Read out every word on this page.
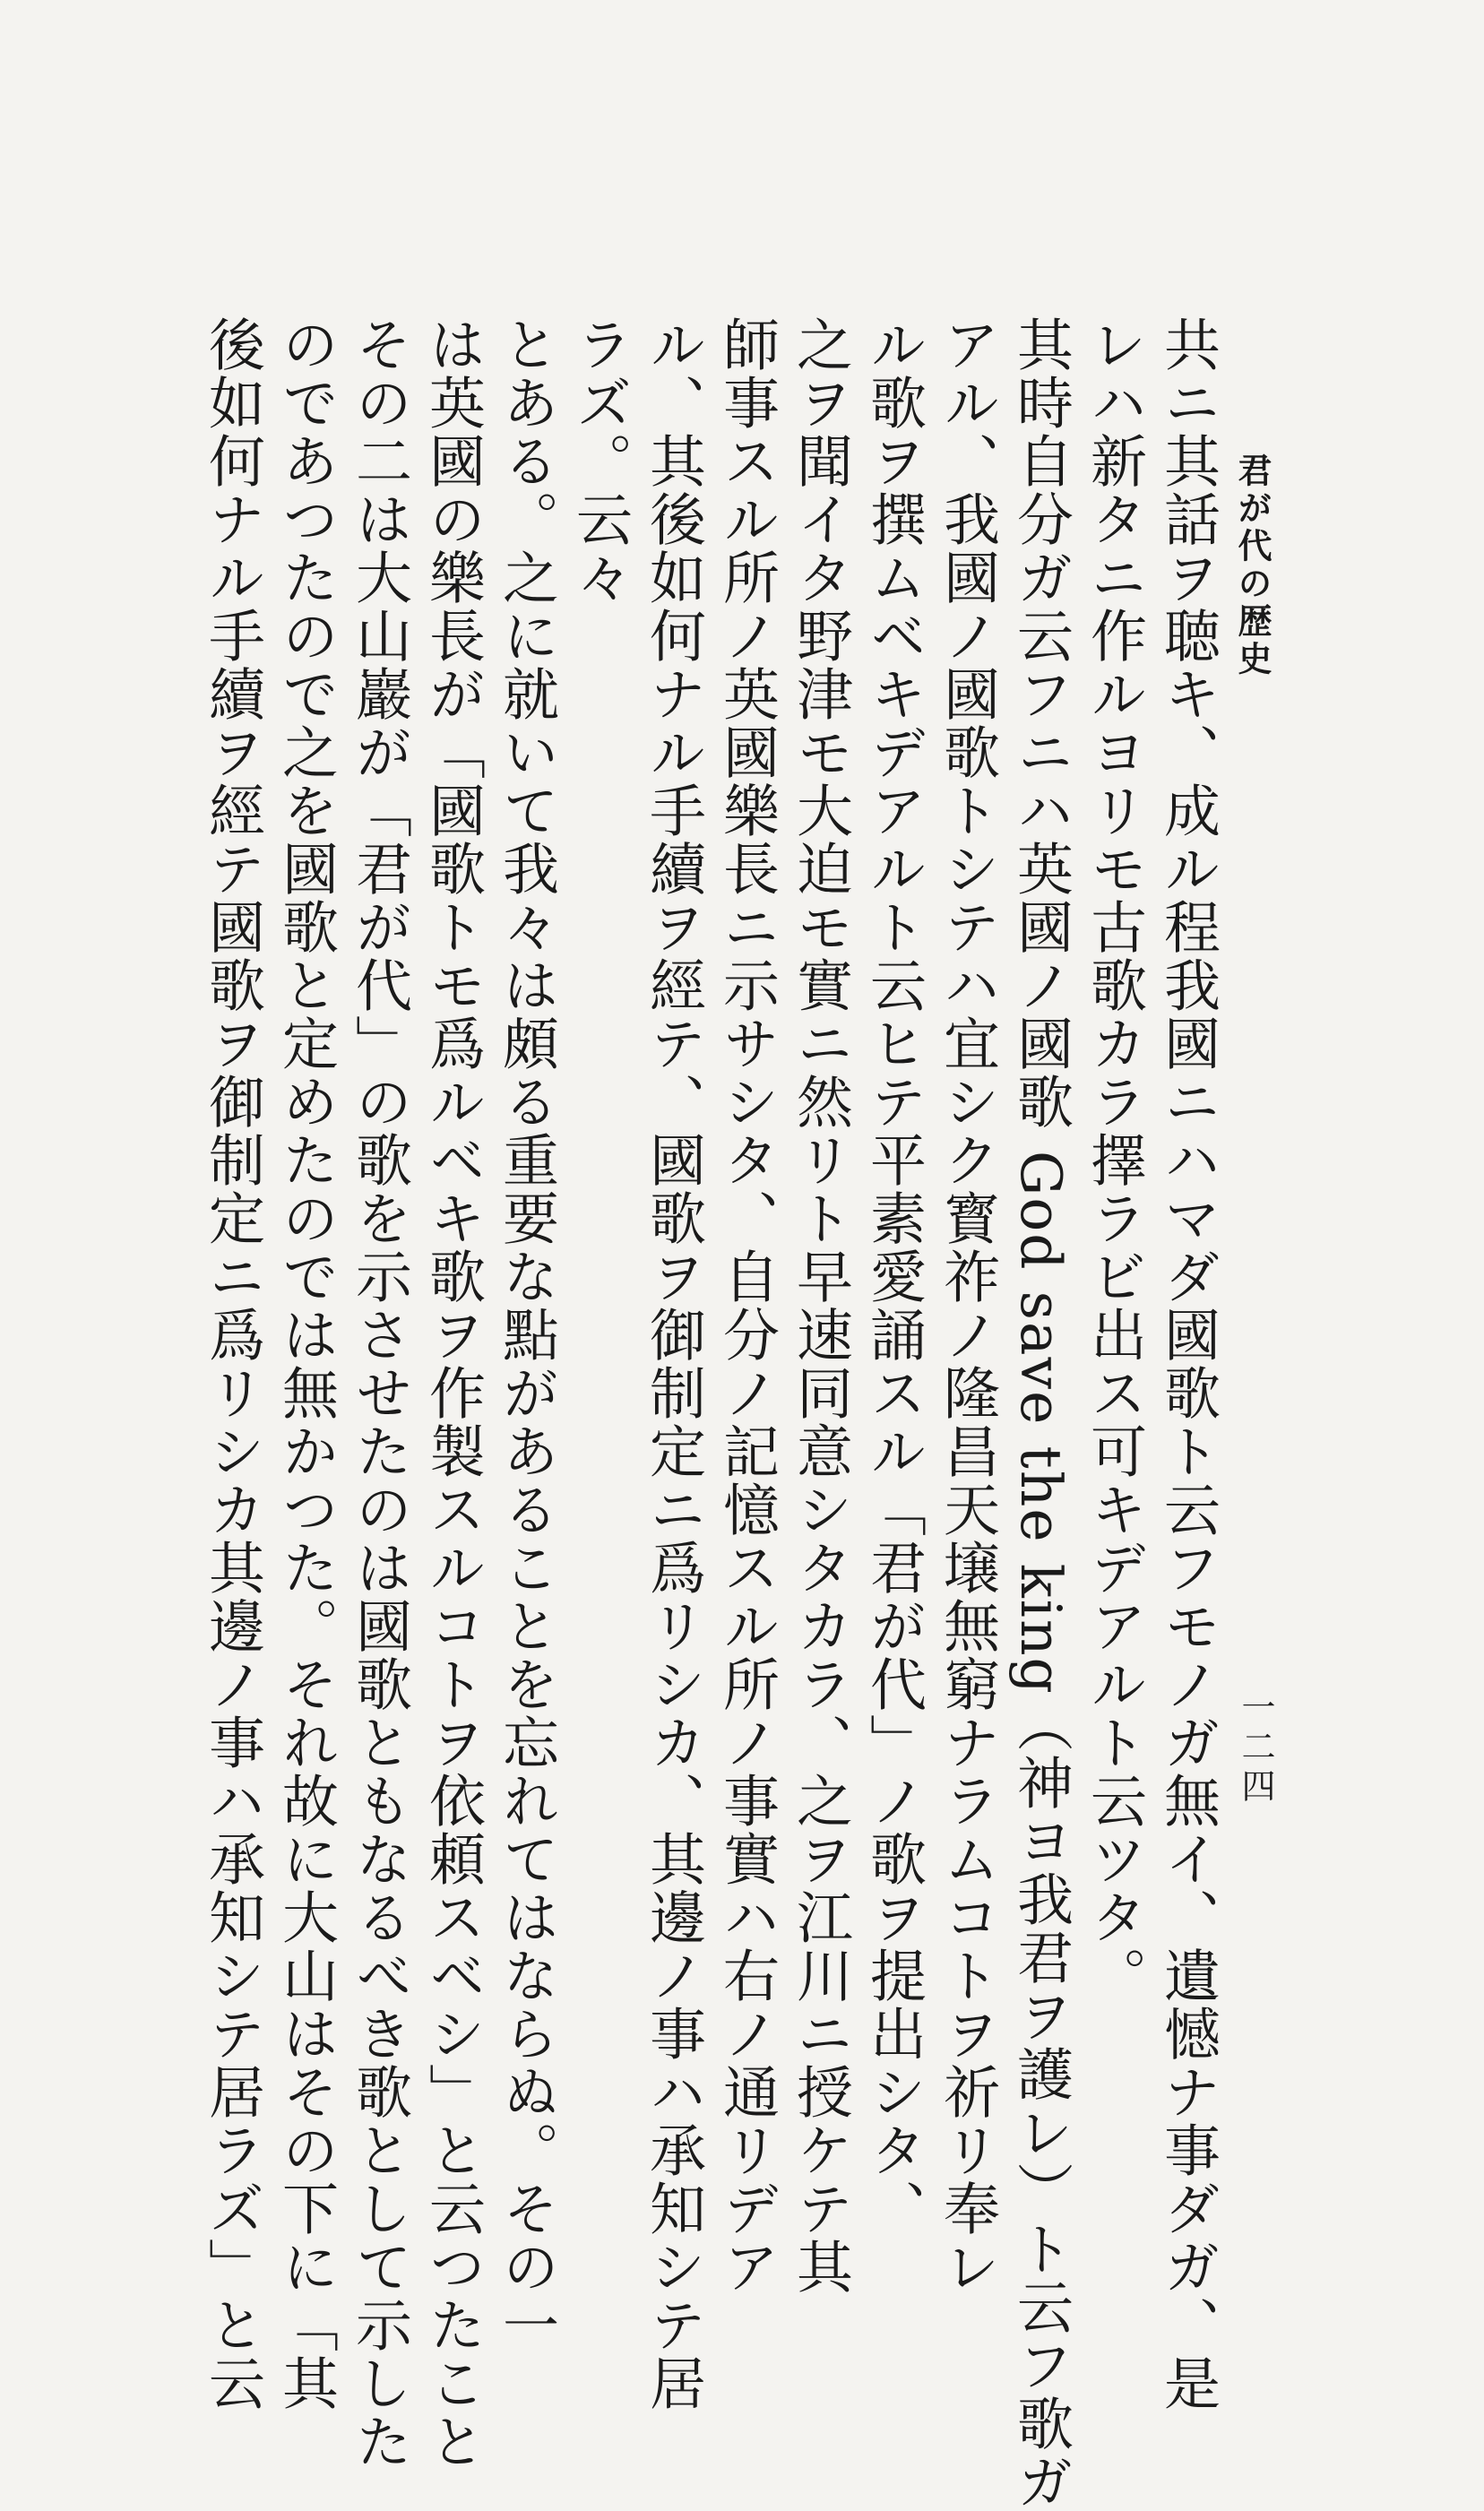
君が代の歴史
一二四
共ニ其話ヲ聴キ、成ル程我國ニハマダ國歌ト云フモノガ無イ、遺憾ナ事ダガ、是
レハ新タニ作ルヨリモ古歌カラ擇ラビ出ス可キデアルト云ツタ。
其時自分ガ云フニハ英國ノ國歌 God save the king（神ヨ我君ヲ護レ）ト云フ歌ガ
アル、我國ノ國歌トシテハ宜シク寳祚ノ隆昌天壌無窮ナラムコトヲ祈リ奉レ
ル歌ヲ撰ムベキデアルト云ヒテ平素愛誦スル「君が代」ノ歌ヲ提出シタ、
之ヲ聞イタ野津モ大迫モ實ニ然リト早速同意シタカラ、之ヲ江川ニ授ケテ其
師事スル所ノ英國樂長ニ示サシタ、自分ノ記憶スル所ノ事實ハ右ノ通リデア
ル、其後如何ナル手續ヲ經テ、國歌ヲ御制定ニ爲リシカ、其邊ノ事ハ承知シテ居
ラズ。云々
とある。之に就いて我々は頗る重要な點があることを忘れてはならぬ。その一
は英國の樂長が「國歌トモ爲ルベキ歌ヲ作製スルコトヲ依頼スベシ」と云つたこと
その二は大山巖が「君が代」の歌を示させたのは國歌ともなるべき歌として示した
のであつたので之を國歌と定めたのでは無かつた。それ故に大山はその下に「其
後如何ナル手續ヲ經テ國歌ヲ御制定ニ爲リシカ其邊ノ事ハ承知シテ居ラズ」と云
